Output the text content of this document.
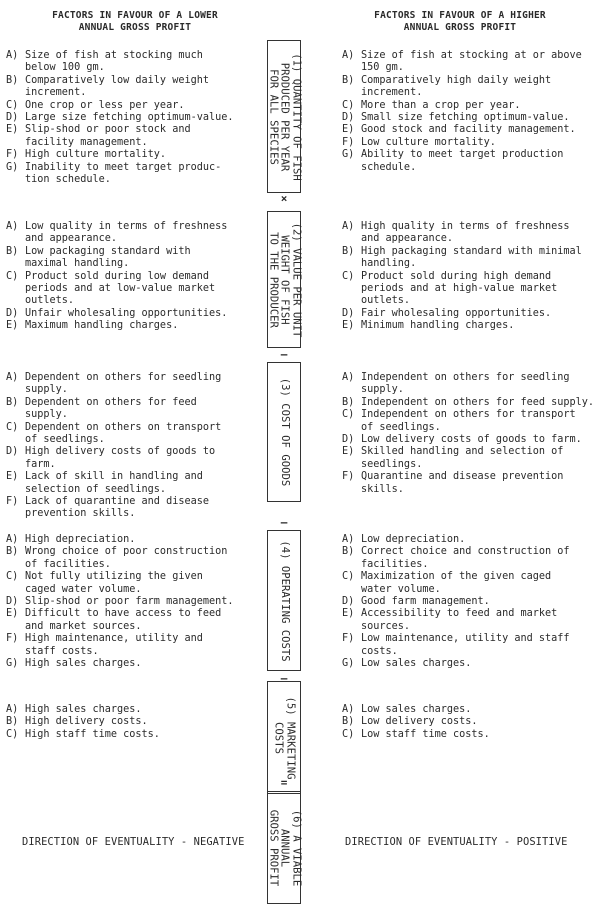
FACTORS IN FAVOUR OF A LOWER
ANNUAL GROSS PROFIT
FACTORS IN FAVOUR OF A HIGHER
ANNUAL GROSS PROFIT
A) Size of fish at stocking much
below 100 gm.
B) Comparatively low daily weight
increment.
C) One crop or less per year.
D) Large size fetching optimum-value.
E) Slip-shod or poor stock and
facility management.
F) High culture mortality.
G) Inability to meet target produc-
tion schedule.
A) Size of fish at stocking at or above
150 gm.
B) Comparatively high daily weight
increment.
C) More than a crop per year.
D) Small size fetching optimum-value.
E) Good stock and facility management.
F) Low culture mortality.
G) Ability to meet target production
schedule.
A) Low quality in terms of freshness
and appearance.
B) Low packaging standard with
maximal handling.
C) Product sold during low demand
periods and at low-value market
outlets.
D) Unfair wholesaling opportunities.
E) Maximum handling charges.
A) High quality in terms of freshness
and appearance.
B) High packaging standard with minimal
handling.
C) Product sold during high demand
periods and at high-value market
outlets.
D) Fair wholesaling opportunities.
E) Minimum handling charges.
A) Dependent on others for seedling
supply.
B) Dependent on others for feed
supply.
C) Dependent on others on transport
of seedlings.
D) High delivery costs of goods to
farm.
E) Lack of skill in handling and
selection of seedlings.
F) Lack of quarantine and disease
prevention skills.
A) Independent on others for seedling
supply.
B) Independent on others for feed supply.
C) Independent on others for transport
of seedlings.
D) Low delivery costs of goods to farm.
E) Skilled handling and selection of
seedlings.
F) Quarantine and disease prevention
skills.
A) High depreciation.
B) Wrong choice of poor construction
of facilities.
C) Not fully utilizing the given
caged water volume.
D) Slip-shod or poor farm management.
E) Difficult to have access to feed
and market sources.
F) High maintenance, utility and
staff costs.
G) High sales charges.
A) Low depreciation.
B) Correct choice and construction of
facilities.
C) Maximization of the given caged
water volume.
D) Good farm management.
E) Accessibility to feed and market
sources.
F) Low maintenance, utility and staff
costs.
G) Low sales charges.
A) High sales charges.
B) High delivery costs.
C) High staff time costs.
A) Low sales charges.
B) Low delivery costs.
C) Low staff time costs.
(1) QUANTITY OF FISH
PRODUCED PER YEAR
FOR ALL SPECIES
(2) VALUE PER UNIT
WEIGHT OF FISH
TO THE PRODUCER
(3) COST OF GOODS
(4) OPERATING COSTS
(5) MARKETING
COSTS
(6) A VIABLE
ANNUAL
GROSS PROFIT
×
–
–
–
=
DIRECTION OF EVENTUALITY - NEGATIVE	DIRECTION OF EVENTUALITY - POSITIVE
